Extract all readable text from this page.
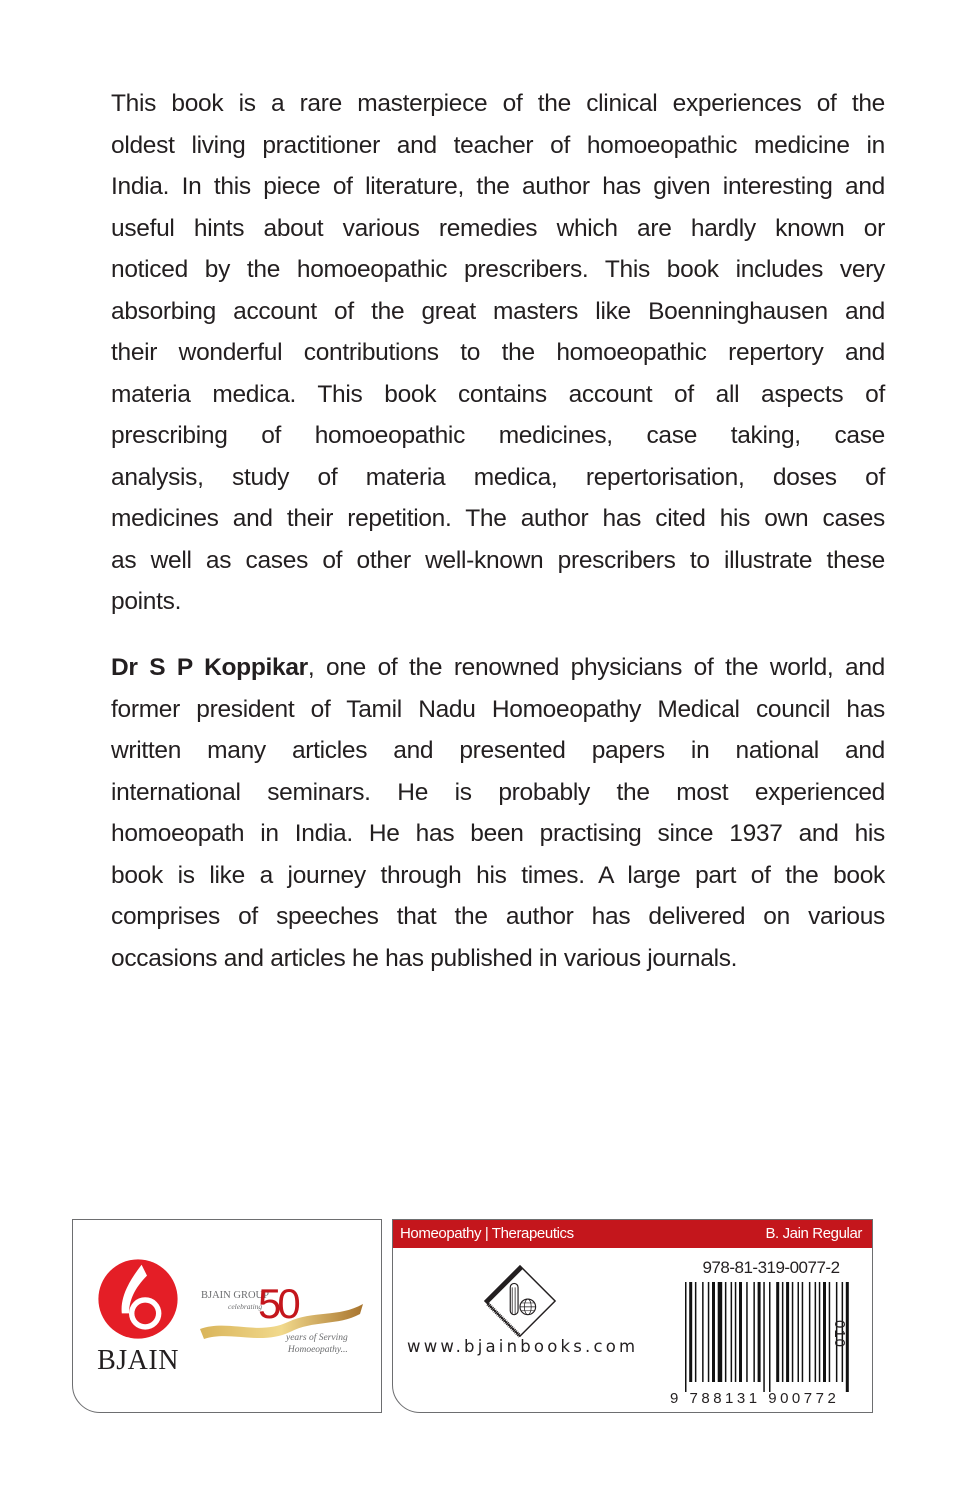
This book is a rare masterpiece of the clinical experiences of the
oldest living practitioner and teacher of homoeopathic medicine in
India. In this piece of literature, the author has given interesting and
useful hints about various remedies which are hardly known or
noticed by the homoeopathic prescribers. This book includes very
absorbing account of the great masters like Boenninghausen and
their wonderful contributions to the homoeopathic repertory and
materia medica. This book contains account of all aspects of
prescribing of homoeopathic medicines, case taking, case
analysis, study of materia medica, repertorisation, doses of
medicines and their repetition. The author has cited his own cases
as well as cases of other well-known prescribers to illustrate these
points.
Dr S P Koppikar, one of the renowned physicians of the world, and
former president of Tamil Nadu Homoeopathy Medical council has
written many articles and presented papers in national and
international seminars. He is probably the most experienced
homoeopath in India. He has been practising since 1937 and his
book is like a journey through his times. A large part of the book
comprises of speeches that the author has delivered on various
occasions and articles he has published in various journals.
BJAIN
BJAIN GROUP
celebrating
50
years of Serving
Homoeopathy...
Homeopathy | Therapeutics	B. Jain Regular
www.bjainbooks.com
978-81-319-0077-2
9 788131 900772
010
